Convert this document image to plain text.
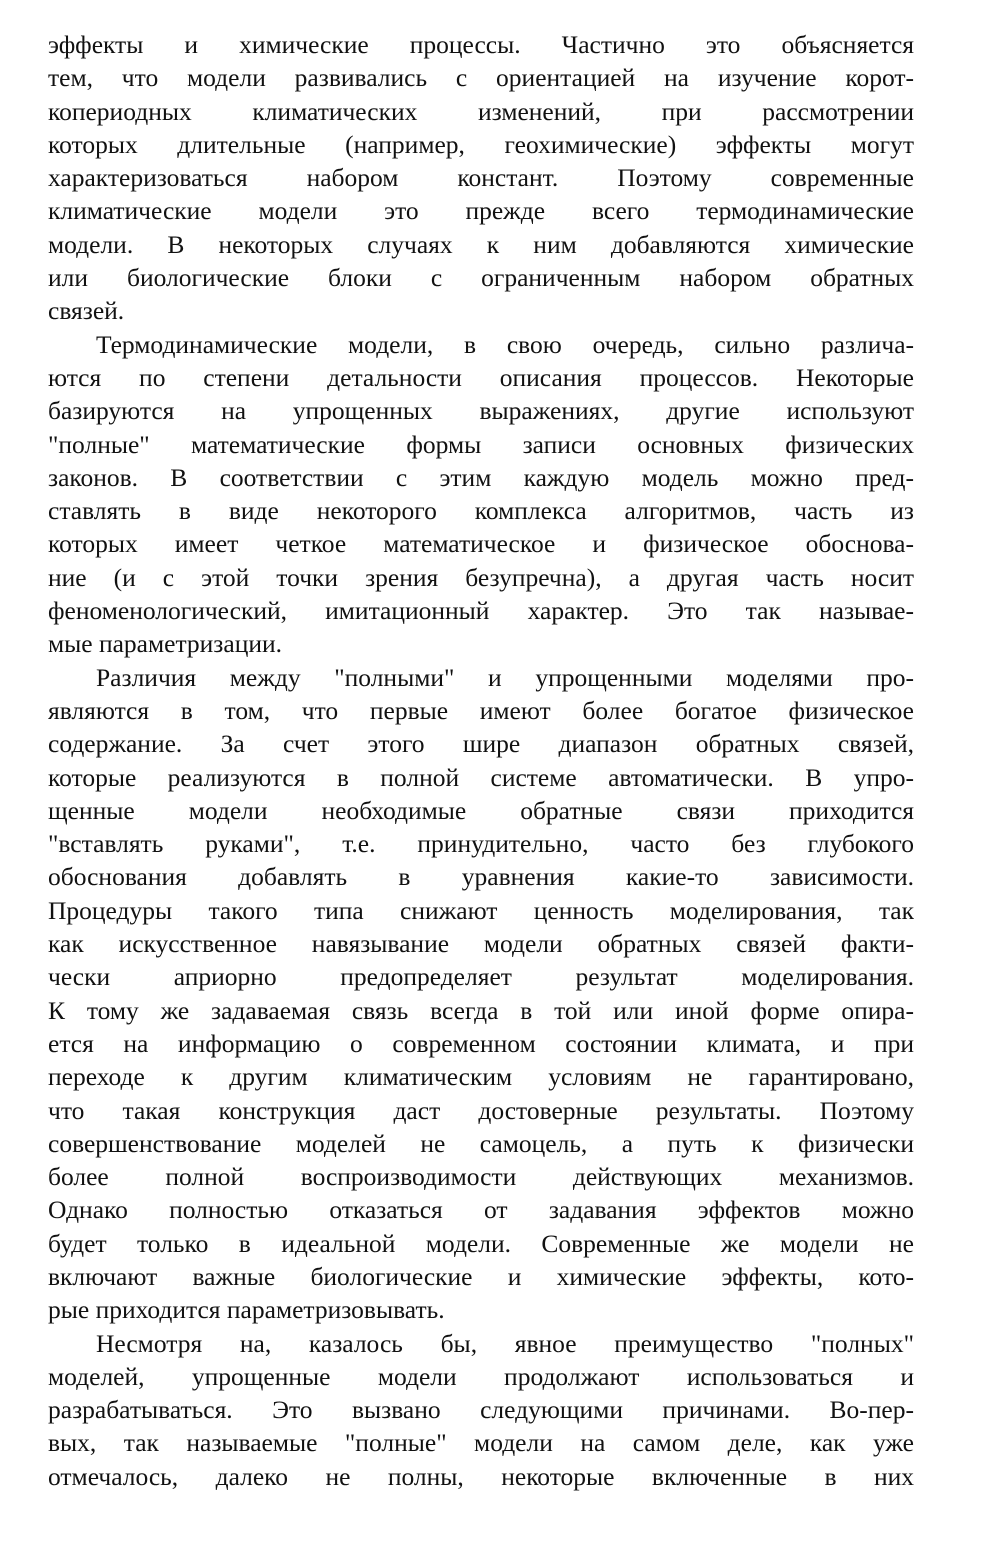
эффекты и химические процессы. Частично это объясняется
тем, что модели развивались с ориентацией на изучение корот-
копериодных климатических изменений, при рассмотрении
которых длительные (например, геохимические) эффекты могут
характеризоваться набором констант. Поэтому современные
климатические модели это прежде всего термодинамические
модели. В некоторых случаях к ним добавляются химические
или биологические блоки с ограниченным набором обратных
связей.
Термодинамические модели, в свою очередь, сильно различа-
ются по степени детальности описания процессов. Некоторые
базируются на упрощенных выражениях, другие используют
"полные" математические формы записи основных физических
законов. В соответствии с этим каждую модель можно пред-
ставлять в виде некоторого комплекса алгоритмов, часть из
которых имеет четкое математическое и физическое обоснова-
ние (и с этой точки зрения безупречна), а другая часть носит
феноменологический, имитационный характер. Это так называе-
мые параметризации.
Различия между "полными" и упрощенными моделями про-
являются в том, что первые имеют более богатое физическое
содержание. За счет этого шире диапазон обратных связей,
которые реализуются в полной системе автоматически. В упро-
щенные модели необходимые обратные связи приходится
"вставлять руками", т.е. принудительно, часто без глубокого
обоснования добавлять в уравнения какие-то зависимости.
Процедуры такого типа снижают ценность моделирования, так
как искусственное навязывание модели обратных связей факти-
чески априорно предопределяет результат моделирования.
К тому же задаваемая связь всегда в той или иной форме опира-
ется на информацию о современном состоянии климата, и при
переходе к другим климатическим условиям не гарантировано,
что такая конструкция даст достоверные результаты. Поэтому
совершенствование моделей не самоцель, а путь к физически
более полной воспроизводимости действующих механизмов.
Однако полностью отказаться от задавания эффектов можно
будет только в идеальной модели. Современные же модели не
включают важные биологические и химические эффекты, кото-
рые приходится параметризовывать.
Несмотря на, казалось бы, явное преимущество "полных"
моделей, упрощенные модели продолжают использоваться и
разрабатываться. Это вызвано следующими причинами. Во-пер-
вых, так называемые "полные" модели на самом деле, как уже
отмечалось, далеко не полны, некоторые включенные в них
